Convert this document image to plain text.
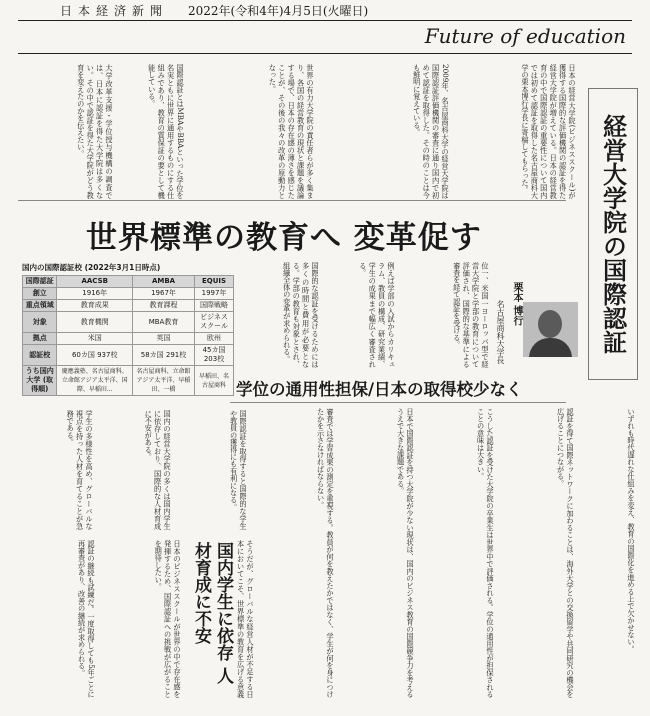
日本経済新聞 2022年(令和4年)4月5日(火曜日)
Future of education
経営大学院の国際認証
日本の経営大学院(ビジネススクール)が獲得する国際的な評価機関の認証を得た経営大学院が増えている。日本の経営教育の中で国際認証の重要性について国内では初めて認証を取得した名古屋商科大学の栗本博行学長に寄稿してもらった。
2009年、名古屋商科大学の経営大学院は国際認証評価機関の審査に通り国内で初めて認証を取得した。その時のことは今も鮮明に覚えている。
世界の有力大学院の責任者らが多く集まり、各国の経営教育の現状と課題を議論する場で、日本の存在感の薄さを感じたことが、その後の我々の改革の原動力となった。
国際認証とはMBAやBBAといった学位を名実ともに世界に通用するものにする仕組みであり、教育の質保証の要として機能している。
大学改革支援・学位授与機構の調査では、日本に認証を得た大学院は多くない。その中で認証を得た大学院がどう教育を変えたのかを伝えたい。
世界標準の教育へ 変革促す
栗本 博行
名古屋商科大学長
位一、米国一ヨーロッパ型で経営大学院と学部の教育について評価され、国際的な基準による審査を経て認証を受ける。
例えば学部の入試からカリキュラム、教員の構成、研究業績、学生の成果まで幅広く審査される。
国際的な認証を受けるためには多くの時間と費用が必要となる。学部の教育も対象とされ、組織全体の変革が求められる。
国内の国際認証校 (2022年3月1日時点)
国際認証	AACSB	AMBA	EQUIS
創立	1916年	1967年	1997年
重点領域	教育成果	教育課程	国際戦略
対象	教育機関	MBA教育	ビジネススクール
拠点	米国	英国	欧州
認証校	60カ国 937校	58カ国 291校	45カ国 203校
うち国内大学 (取得順)	慶應義塾、名古屋商科、立命館アジア太平洋、国際、早稲田...	名古屋商科、立命館アジア太平洋、早稲田、一橋	早稲田、名古屋商科 学位の通用性担保/日本の取得校少なく
いずれも時代遅れな仕組みを変え、教育の国際化を進める上で欠かせない。
認証を得て国際ネットワークに加わることは、海外大学との交換留学や共同研究の機会を広げることにつながる。
こうした認証を受けた大学院の卒業生は世界中で評価される。学位の通用性が担保されることの意味は大きい。
日本で国際認証を持つ大学院が少ない現状は、国内のビジネス教育の国際競争力を考えるうえで大きな課題である。
審査では学習成果の測定を重視する。教員が何を教えたかではなく、学生が何を身につけたかを示さなければならない。
国際認証を取得すると国際的な学生や教員の獲得にも有利になる。
国内の経営大学院の多くは国内学生に依存しており、国際的な人材育成に不安がある。
学生の多様性を高め、グローバルな視点を持った人材を育てることが急務である。
国内学生に依存 人材育成に不安
日本のビジネススクールが世界の中で存在感を発揮するため、国際認証への挑戦が広がることを期待したい。
認証の継続も試練だ。一度取得しても5年ごとに再審査があり、改善の継続が求められる。	そうだが、グローバルな経営人材が不足する日本においてこそ、世界標準の教育を広げる意義
